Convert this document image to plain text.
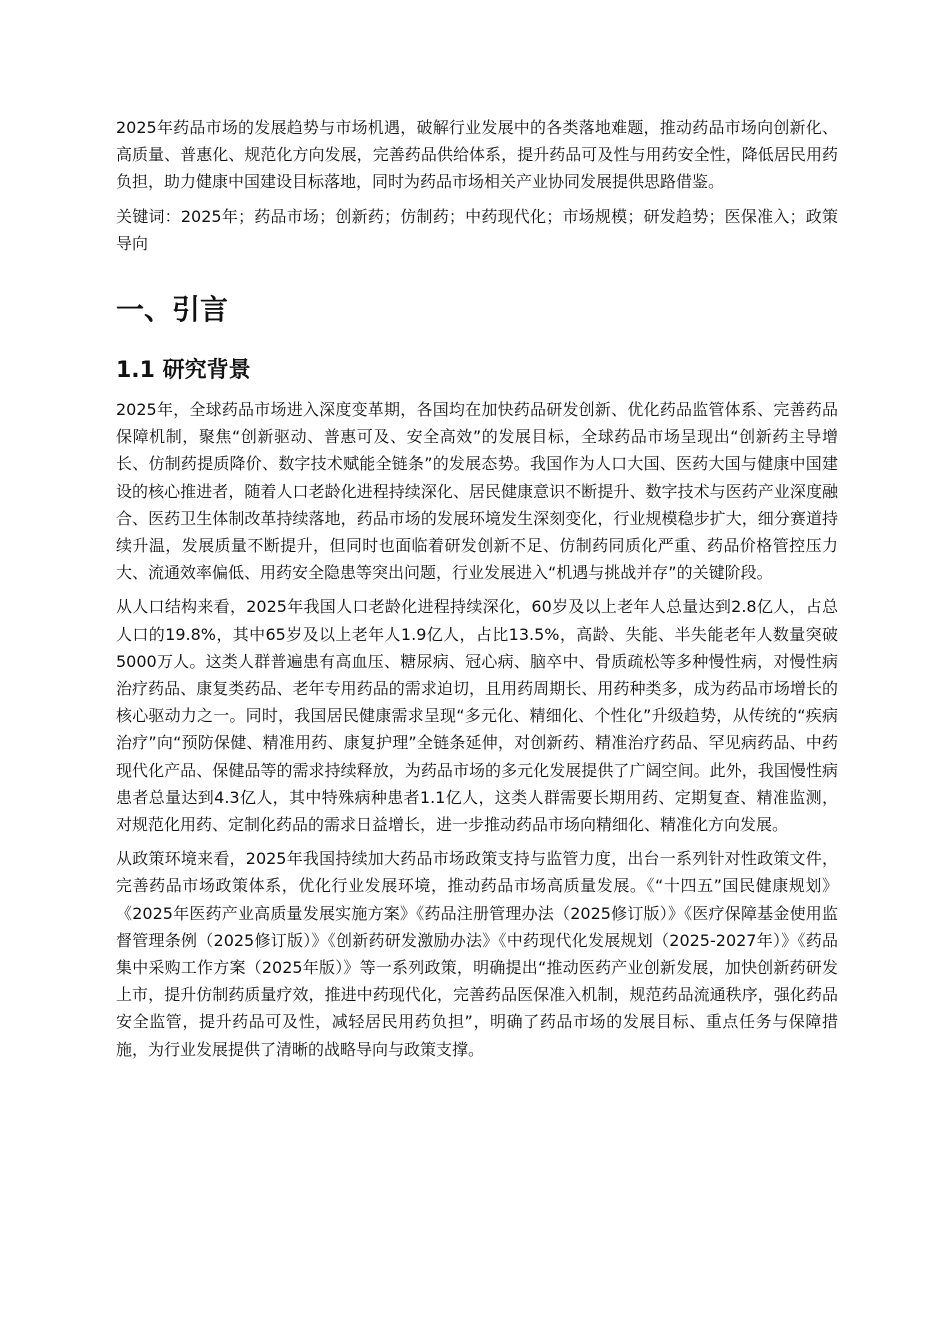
2025年药品市场的发展趋势与市场机遇，破解行业发展中的各类落地难题，推动药品市场向创新化、高质量、普惠化、规范化方向发展，完善药品供给体系，提升药品可及性与用药安全性，降低居民用药负担，助力健康中国建设目标落地，同时为药品市场相关产业协同发展提供思路借鉴。

关键词：2025年；药品市场；创新药；仿制药；中药现代化；市场规模；研发趋势；医保准入；政策导向

一、引言
1.1 研究背景

2025年，全球药品市场进入深度变革期，各国均在加快药品研发创新、优化药品监管体系、完善药品保障机制，聚焦“创新驱动、普惠可及、安全高效”的发展目标，全球药品市场呈现出“创新药主导增长、仿制药提质降价、数字技术赋能全链条”的发展态势。我国作为人口大国、医药大国与健康中国建设的核心推进者，随着人口老龄化进程持续深化、居民健康意识不断提升、数字技术与医药产业深度融合、医药卫生体制改革持续落地，药品市场的发展环境发生深刻变化，行业规模稳步扩大，细分赛道持续升温，发展质量不断提升，但同时也面临着研发创新不足、仿制药同质化严重、药品价格管控压力大、流通效率偏低、用药安全隐患等突出问题，行业发展进入“机遇与挑战并存”的关键阶段。

从人口结构来看，2025年我国人口老龄化进程持续深化，60岁及以上老年人总量达到2.8亿人，占总人口的19.8%，其中65岁及以上老年人1.9亿人，占比13.5%，高龄、失能、半失能老年人数量突破5000万人。这类人群普遍患有高血压、糖尿病、冠心病、脑卒中、骨质疏松等多种慢性病，对慢性病治疗药品、康复类药品、老年专用药品的需求迫切，且用药周期长、用药种类多，成为药品市场增长的核心驱动力之一。同时，我国居民健康需求呈现“多元化、精细化、个性化”升级趋势，从传统的“疾病治疗”向“预防保健、精准用药、康复护理”全链条延伸，对创新药、精准治疗药品、罕见病药品、中药现代化产品、保健品等的需求持续释放，为药品市场的多元化发展提供了广阔空间。此外，我国慢性病患者总量达到4.3亿人，其中特殊病种患者1.1亿人，这类人群需要长期用药、定期复查、精准监测，对规范化用药、定制化药品的需求日益增长，进一步推动药品市场向精细化、精准化方向发展。

从政策环境来看，2025年我国持续加大药品市场政策支持与监管力度，出台一系列针对性政策文件，完善药品市场政策体系，优化行业发展环境，推动药品市场高质量发展。《“十四五”国民健康规划》《2025年医药产业高质量发展实施方案》《药品注册管理办法（2025修订版）》《医疗保障基金使用监督管理条例（2025修订版）》《创新药研发激励办法》《中药现代化发展规划（2025-2027年）》《药品集中采购工作方案（2025年版）》等一系列政策，明确提出“推动医药产业创新发展，加快创新药研发上市，提升仿制药质量疗效，推进中药现代化，完善药品医保准入机制，规范药品流通秩序，强化药品安全监管，提升药品可及性，减轻居民用药负担”，明确了药品市场的发展目标、重点任务与保障措施，为行业发展提供了清晰的战略导向与政策支撑。
